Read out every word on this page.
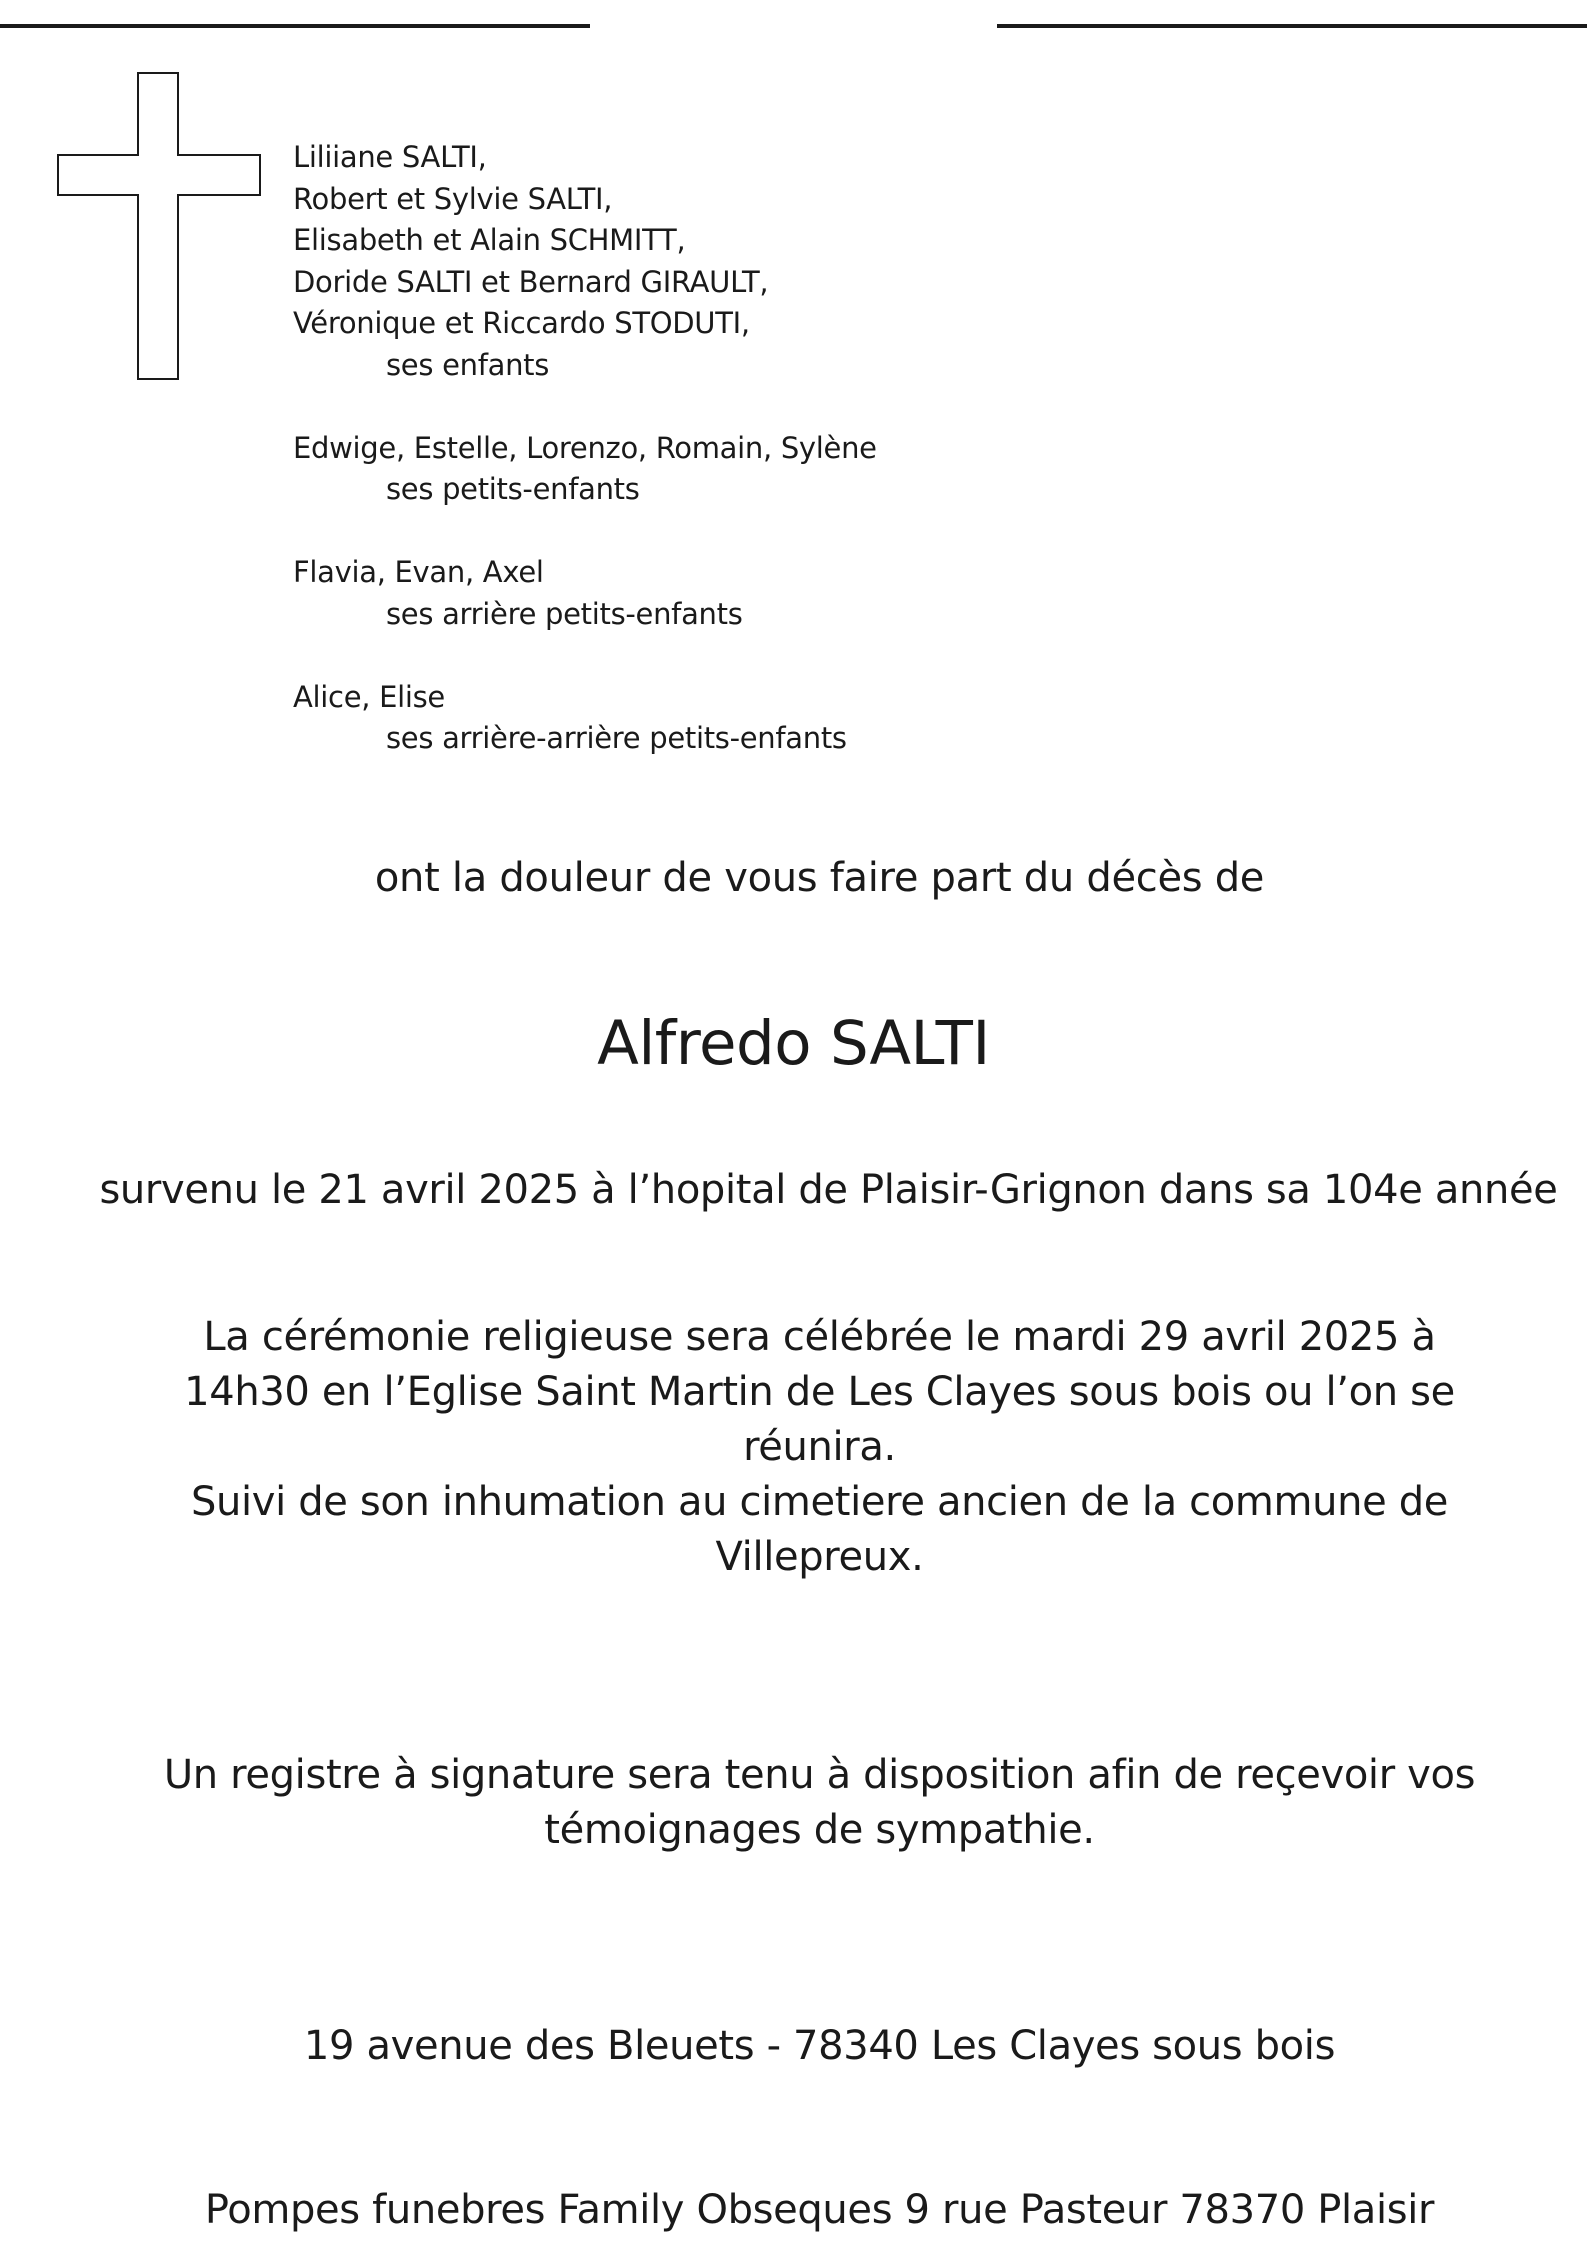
Liliiane SALTI,
Robert et Sylvie SALTI,
Elisabeth et Alain SCHMITT,
Doride SALTI et Bernard GIRAULT,
Véronique et Riccardo STODUTI,
ses enfants
Edwige, Estelle, Lorenzo, Romain, Sylène
ses petits-enfants
Flavia, Evan, Axel
ses arrière petits-enfants
Alice, Elise
ses arrière-arrière petits-enfants
ont la douleur de vous faire part du décès de
Alfredo SALTI
survenu le 21 avril 2025 à l’hopital de Plaisir-Grignon dans sa 104e année
La cérémonie religieuse sera célébrée le mardi 29 avril 2025 à
14h30 en l’Eglise Saint Martin de Les Clayes sous bois ou l’on se
réunira.
Suivi de son inhumation au cimetiere ancien de la commune de
Villepreux.
Un registre à signature sera tenu à disposition afin de reçevoir vos
témoignages de sympathie.
19 avenue des Bleuets - 78340 Les Clayes sous bois
Pompes funebres Family Obseques 9 rue Pasteur 78370 Plaisir
